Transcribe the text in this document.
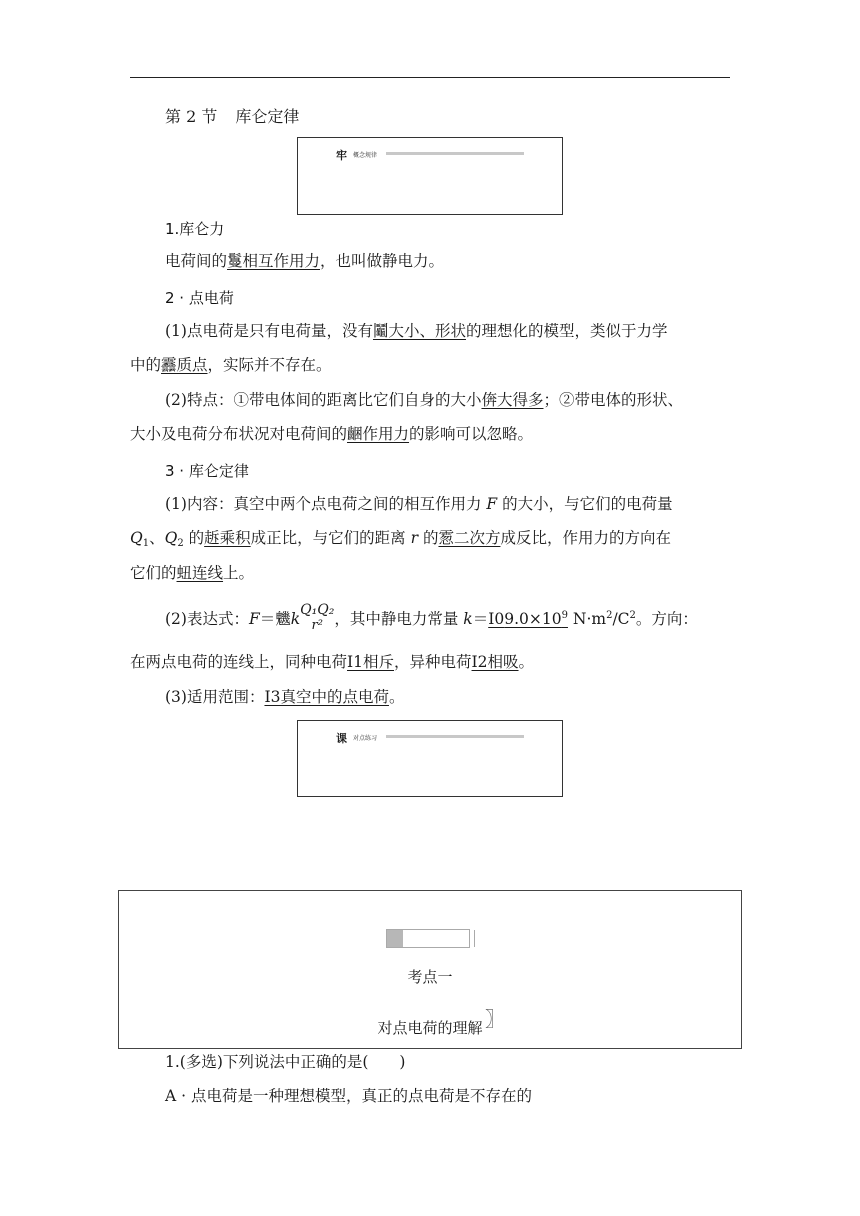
第 2 节 库仑定律
牢 概念规律
1.库仑力
电荷间的鬘相互作用力，也叫做静电力。
2 · 点电荷
(1)点电荷是只有电荷量，没有鬮大小、形状的理想化的模型，类似于力学
中的䨺质点，实际并不存在。
(2)特点：①带电体间的距离比它们自身的大小倴大得多；②带电体的形状、
大小及电荷分布状况对电荷间的齫作用力的影响可以忽略。
3 · 库仑定律
(1)内容：真空中两个点电荷之间的相互作用力 F 的大小，与它们的电荷量
$Q_1$、$Q_2$ 的䞣乘积成正比，与它们的距离 r 的䨚二次方成反比，作用力的方向在
它们的䖡连线上。
(2)表达式：F＝魕k Q₁Q₂
r² ，其中静电力常量 $k=I09.0\times 10^9$ $N\cdot m^2/C^2$。方向：
在两点电荷的连线上，同种电荷I1相斥，异种电荷I2相吸。
(3)适用范围：I3真空中的点电荷。
课 对点练习
考点一
对点电荷的理解 〗
1.(多选)下列说法中正确的是(　　)
A · 点电荷是一种理想模型，真正的点电荷是不存在的
